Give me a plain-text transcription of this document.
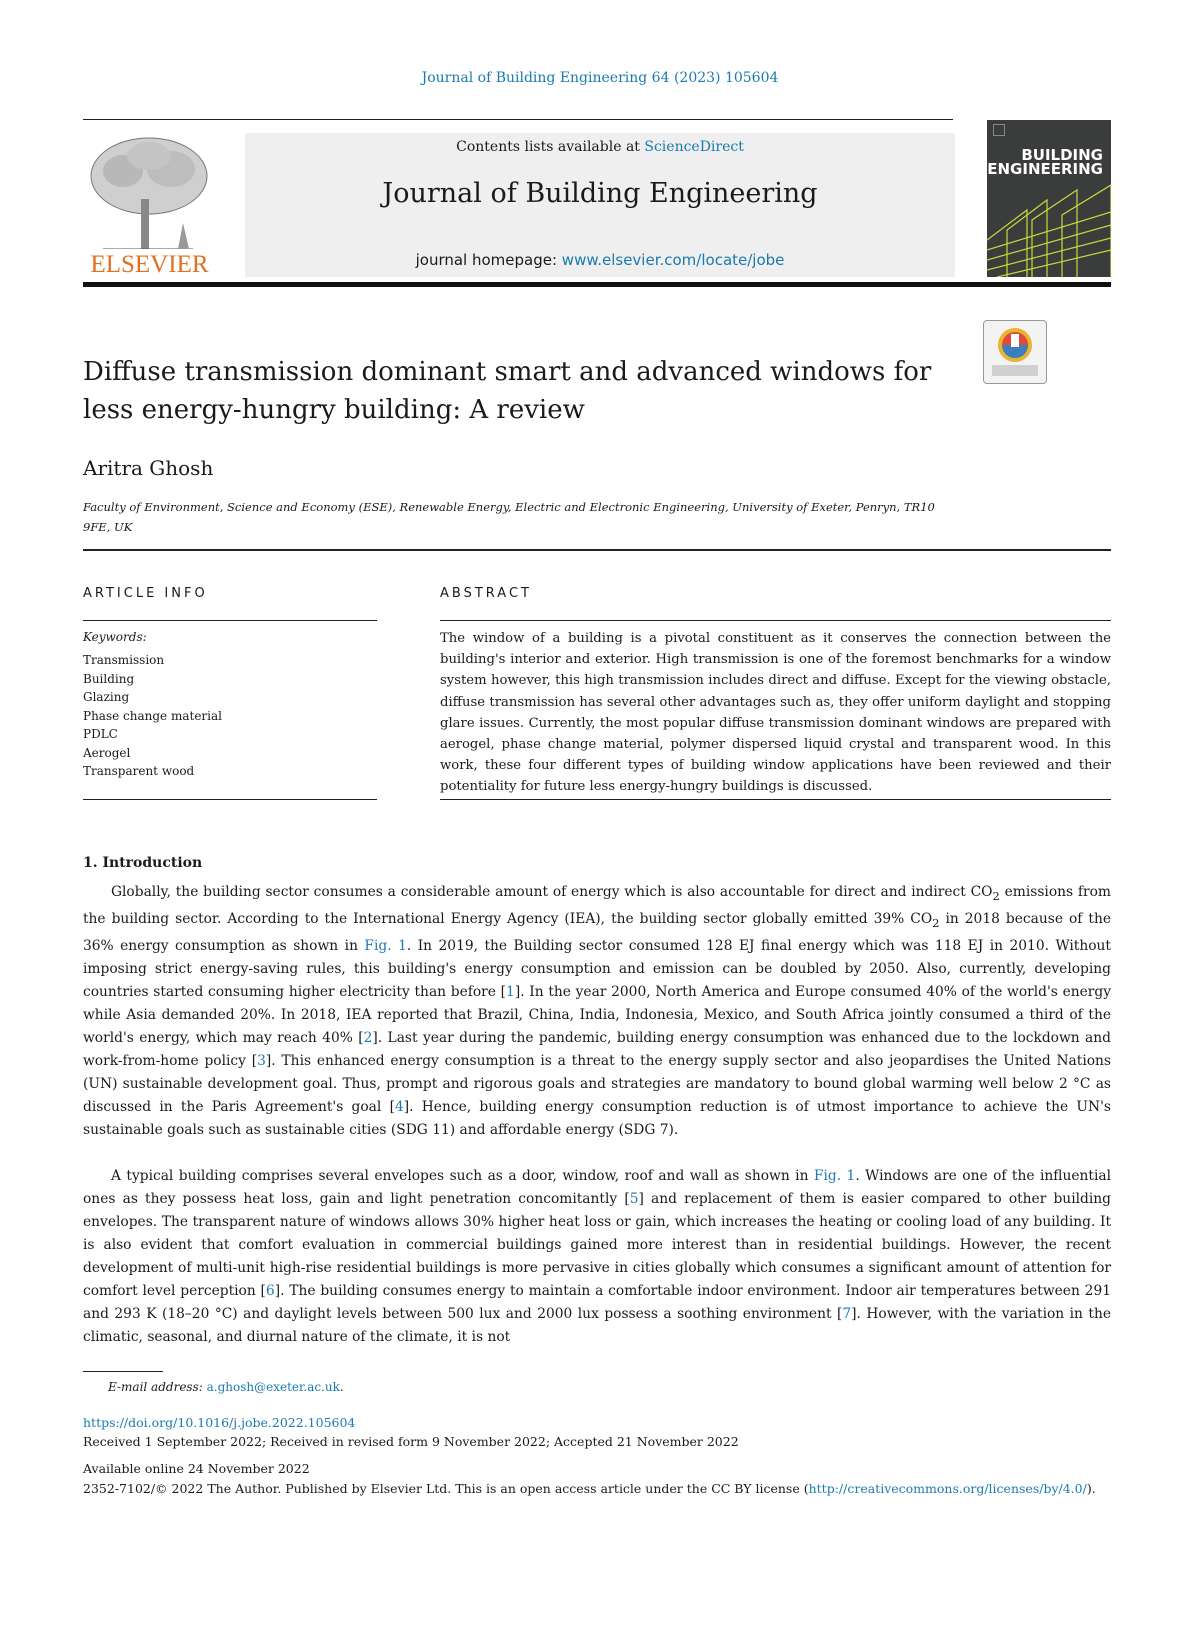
Journal of Building Engineering 64 (2023) 105604
ELSEVIER
Contents lists available at ScienceDirect
Journal of Building Engineering
journal homepage: www.elsevier.com/locate/jobe
BUILDING
ENGINEERING
Diffuse transmission dominant smart and advanced windows for less energy-hungry building: A review
Aritra Ghosh
Faculty of Environment, Science and Economy (ESE), Renewable Energy, Electric and Electronic Engineering, University of Exeter, Penryn, TR10 9FE, UK
ARTICLE INFO	ABSTRACT
Keywords:
Transmission
Building
Glazing
Phase change material
PDLC
Aerogel
Transparent wood
The window of a building is a pivotal constituent as it conserves the connection between the building's interior and exterior. High transmission is one of the foremost benchmarks for a window system however, this high transmission includes direct and diffuse. Except for the viewing obstacle, diffuse transmission has several other advantages such as, they offer uniform daylight and stopping glare issues. Currently, the most popular diffuse transmission dominant windows are prepared with aerogel, phase change material, polymer dispersed liquid crystal and transparent wood. In this work, these four different types of building window applications have been reviewed and their potentiality for future less energy-hungry buildings is discussed.
1. Introduction

Globally, the building sector consumes a considerable amount of energy which is also accountable for direct and indirect $CO_2$ emissions from the building sector. According to the International Energy Agency (IEA), the building sector globally emitted 39% $CO_2$ in 2018 because of the 36% energy consumption as shown in Fig. 1. In 2019, the Building sector consumed 128 EJ final energy which was 118 EJ in 2010. Without imposing strict energy-saving rules, this building's energy consumption and emission can be doubled by 2050. Also, currently, developing countries started consuming higher electricity than before [1]. In the year 2000, North America and Europe consumed 40% of the world's energy while Asia demanded 20%. In 2018, IEA reported that Brazil, China, India, Indonesia, Mexico, and South Africa jointly consumed a third of the world's energy, which may reach 40% [2]. Last year during the pandemic, building energy consumption was enhanced due to the lockdown and work-from-home policy [3]. This enhanced energy consumption is a threat to the energy supply sector and also jeopardises the United Nations (UN) sustainable development goal. Thus, prompt and rigorous goals and strategies are mandatory to bound global warming well below 2 °C as discussed in the Paris Agreement's goal [4]. Hence, building energy consumption reduction is of utmost importance to achieve the UN's sustainable goals such as sustainable cities (SDG 11) and affordable energy (SDG 7).

A typical building comprises several envelopes such as a door, window, roof and wall as shown in Fig. 1. Windows are one of the influential ones as they possess heat loss, gain and light penetration concomitantly [5] and replacement of them is easier compared to other building envelopes. The transparent nature of windows allows 30% higher heat loss or gain, which increases the heating or cooling load of any building. It is also evident that comfort evaluation in commercial buildings gained more interest than in residential buildings. However, the recent development of multi-unit high-rise residential buildings is more pervasive in cities globally which consumes a significant amount of attention for comfort level perception [6]. The building consumes energy to maintain a comfortable indoor environment. Indoor air temperatures between 291 and 293 K (18–20 °C) and daylight levels between 500 lux and 2000 lux possess a soothing environment [7]. However, with the variation in the climatic, seasonal, and diurnal nature of the climate, it is not

E-mail address: a.ghosh@exeter.ac.uk.
https://doi.org/10.1016/j.jobe.2022.105604
Received 1 September 2022; Received in revised form 9 November 2022; Accepted 21 November 2022
Available online 24 November 2022
2352-7102/© 2022 The Author. Published by Elsevier Ltd. This is an open access article under the CC BY license (http://creativecommons.org/licenses/by/4.0/).
